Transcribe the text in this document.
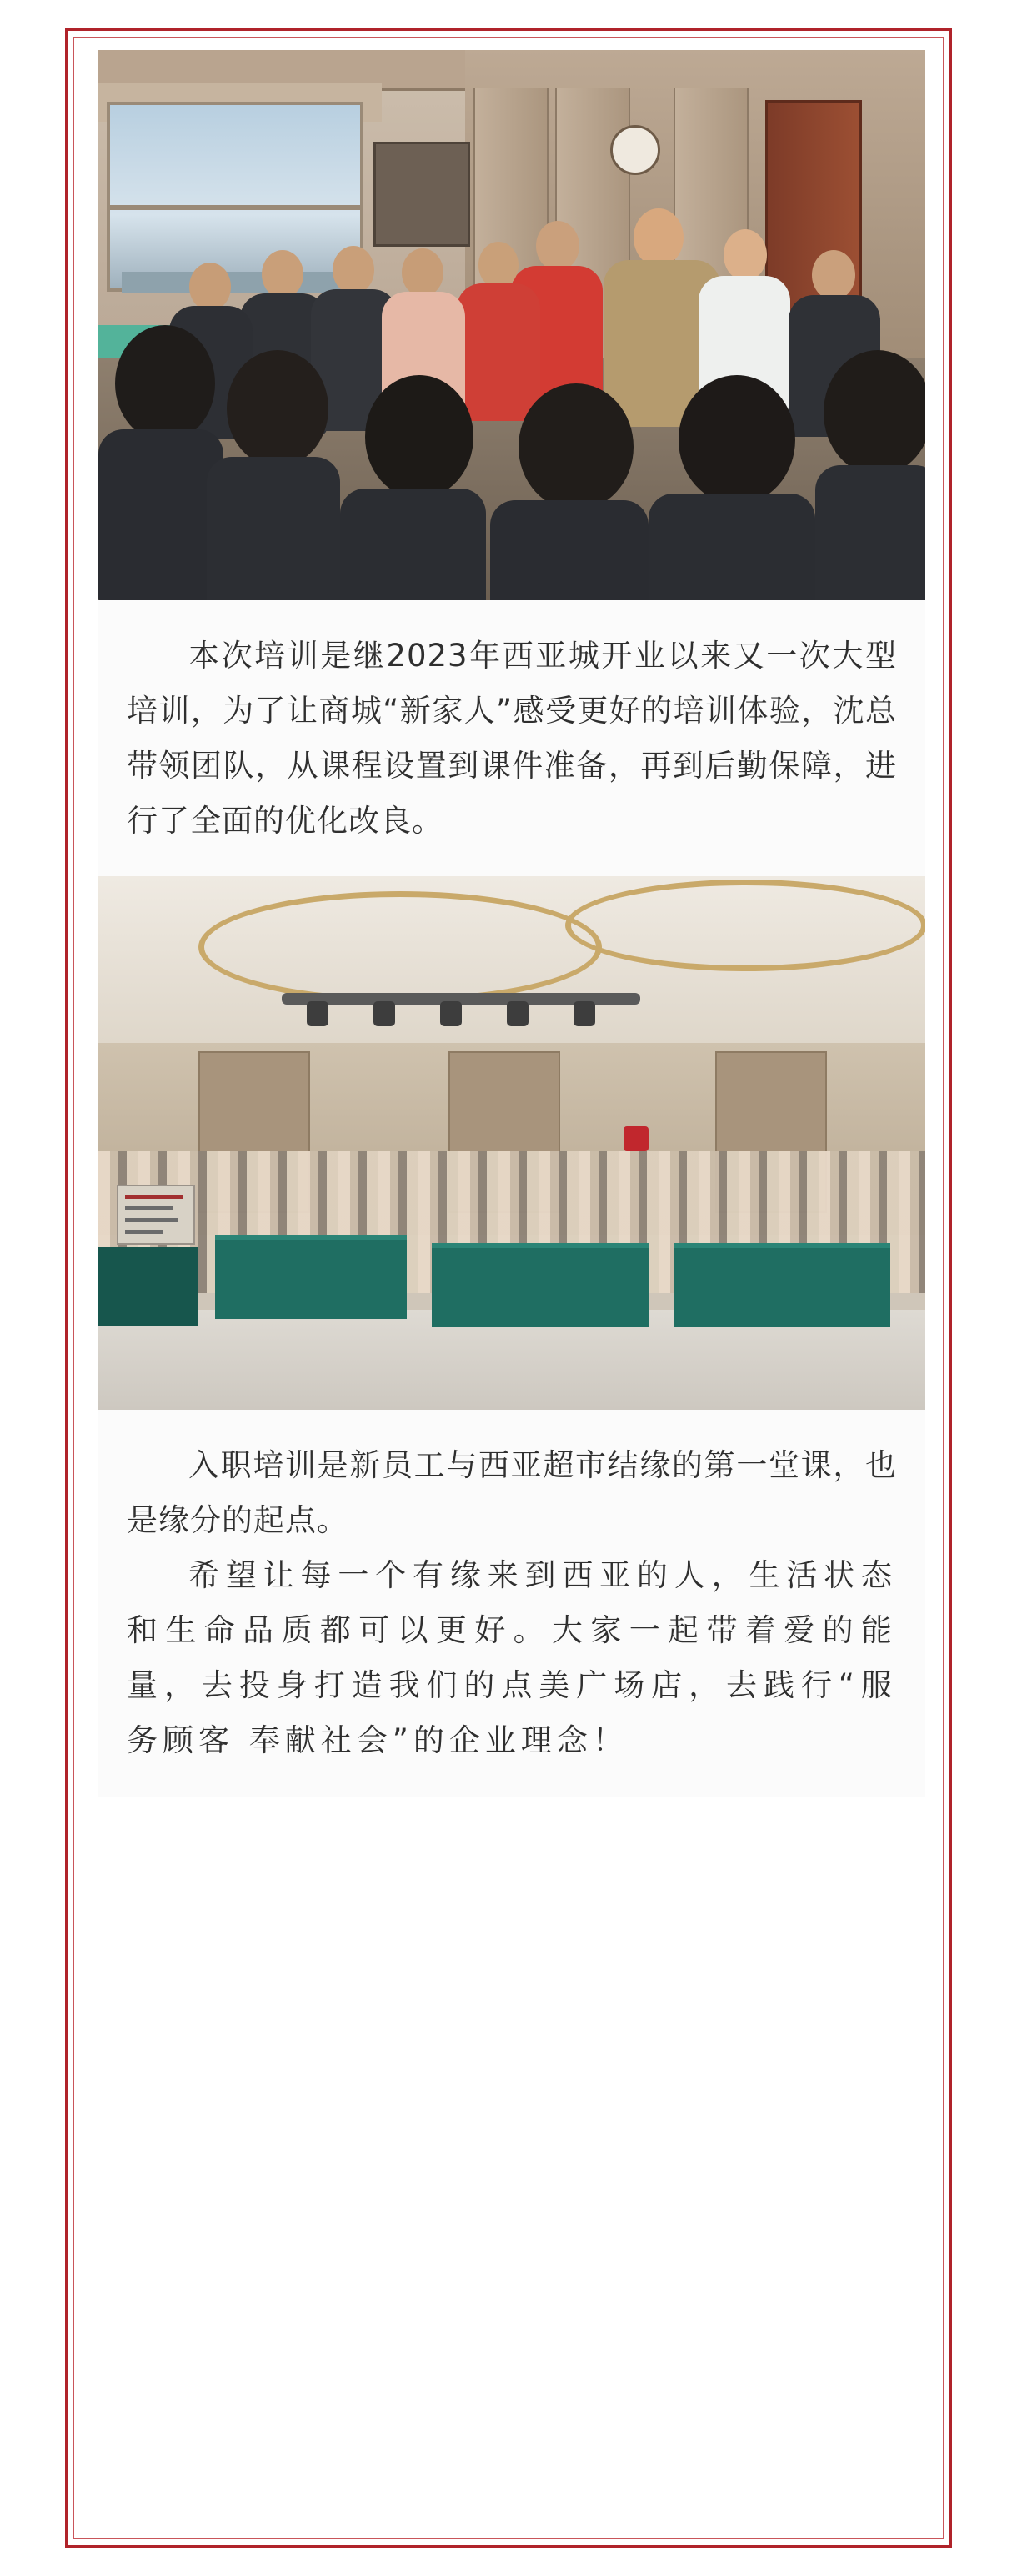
本次培训是继2023年西亚城开业以来又一次大型培训，为了让商城“新家人”感受更好的培训体验，沈总带领团队，从课程设置到课件准备，再到后勤保障，进行了全面的优化改良。

入职培训是新员工与西亚超市结缘的第一堂课，也是缘分的起点。

希望让每一个有缘来到西亚的人，生活状态和生命品质都可以更好。大家一起带着爱的能量，去投身打造我们的点美广场店，去践行“服务顾客 奉献社会”的企业理念！
